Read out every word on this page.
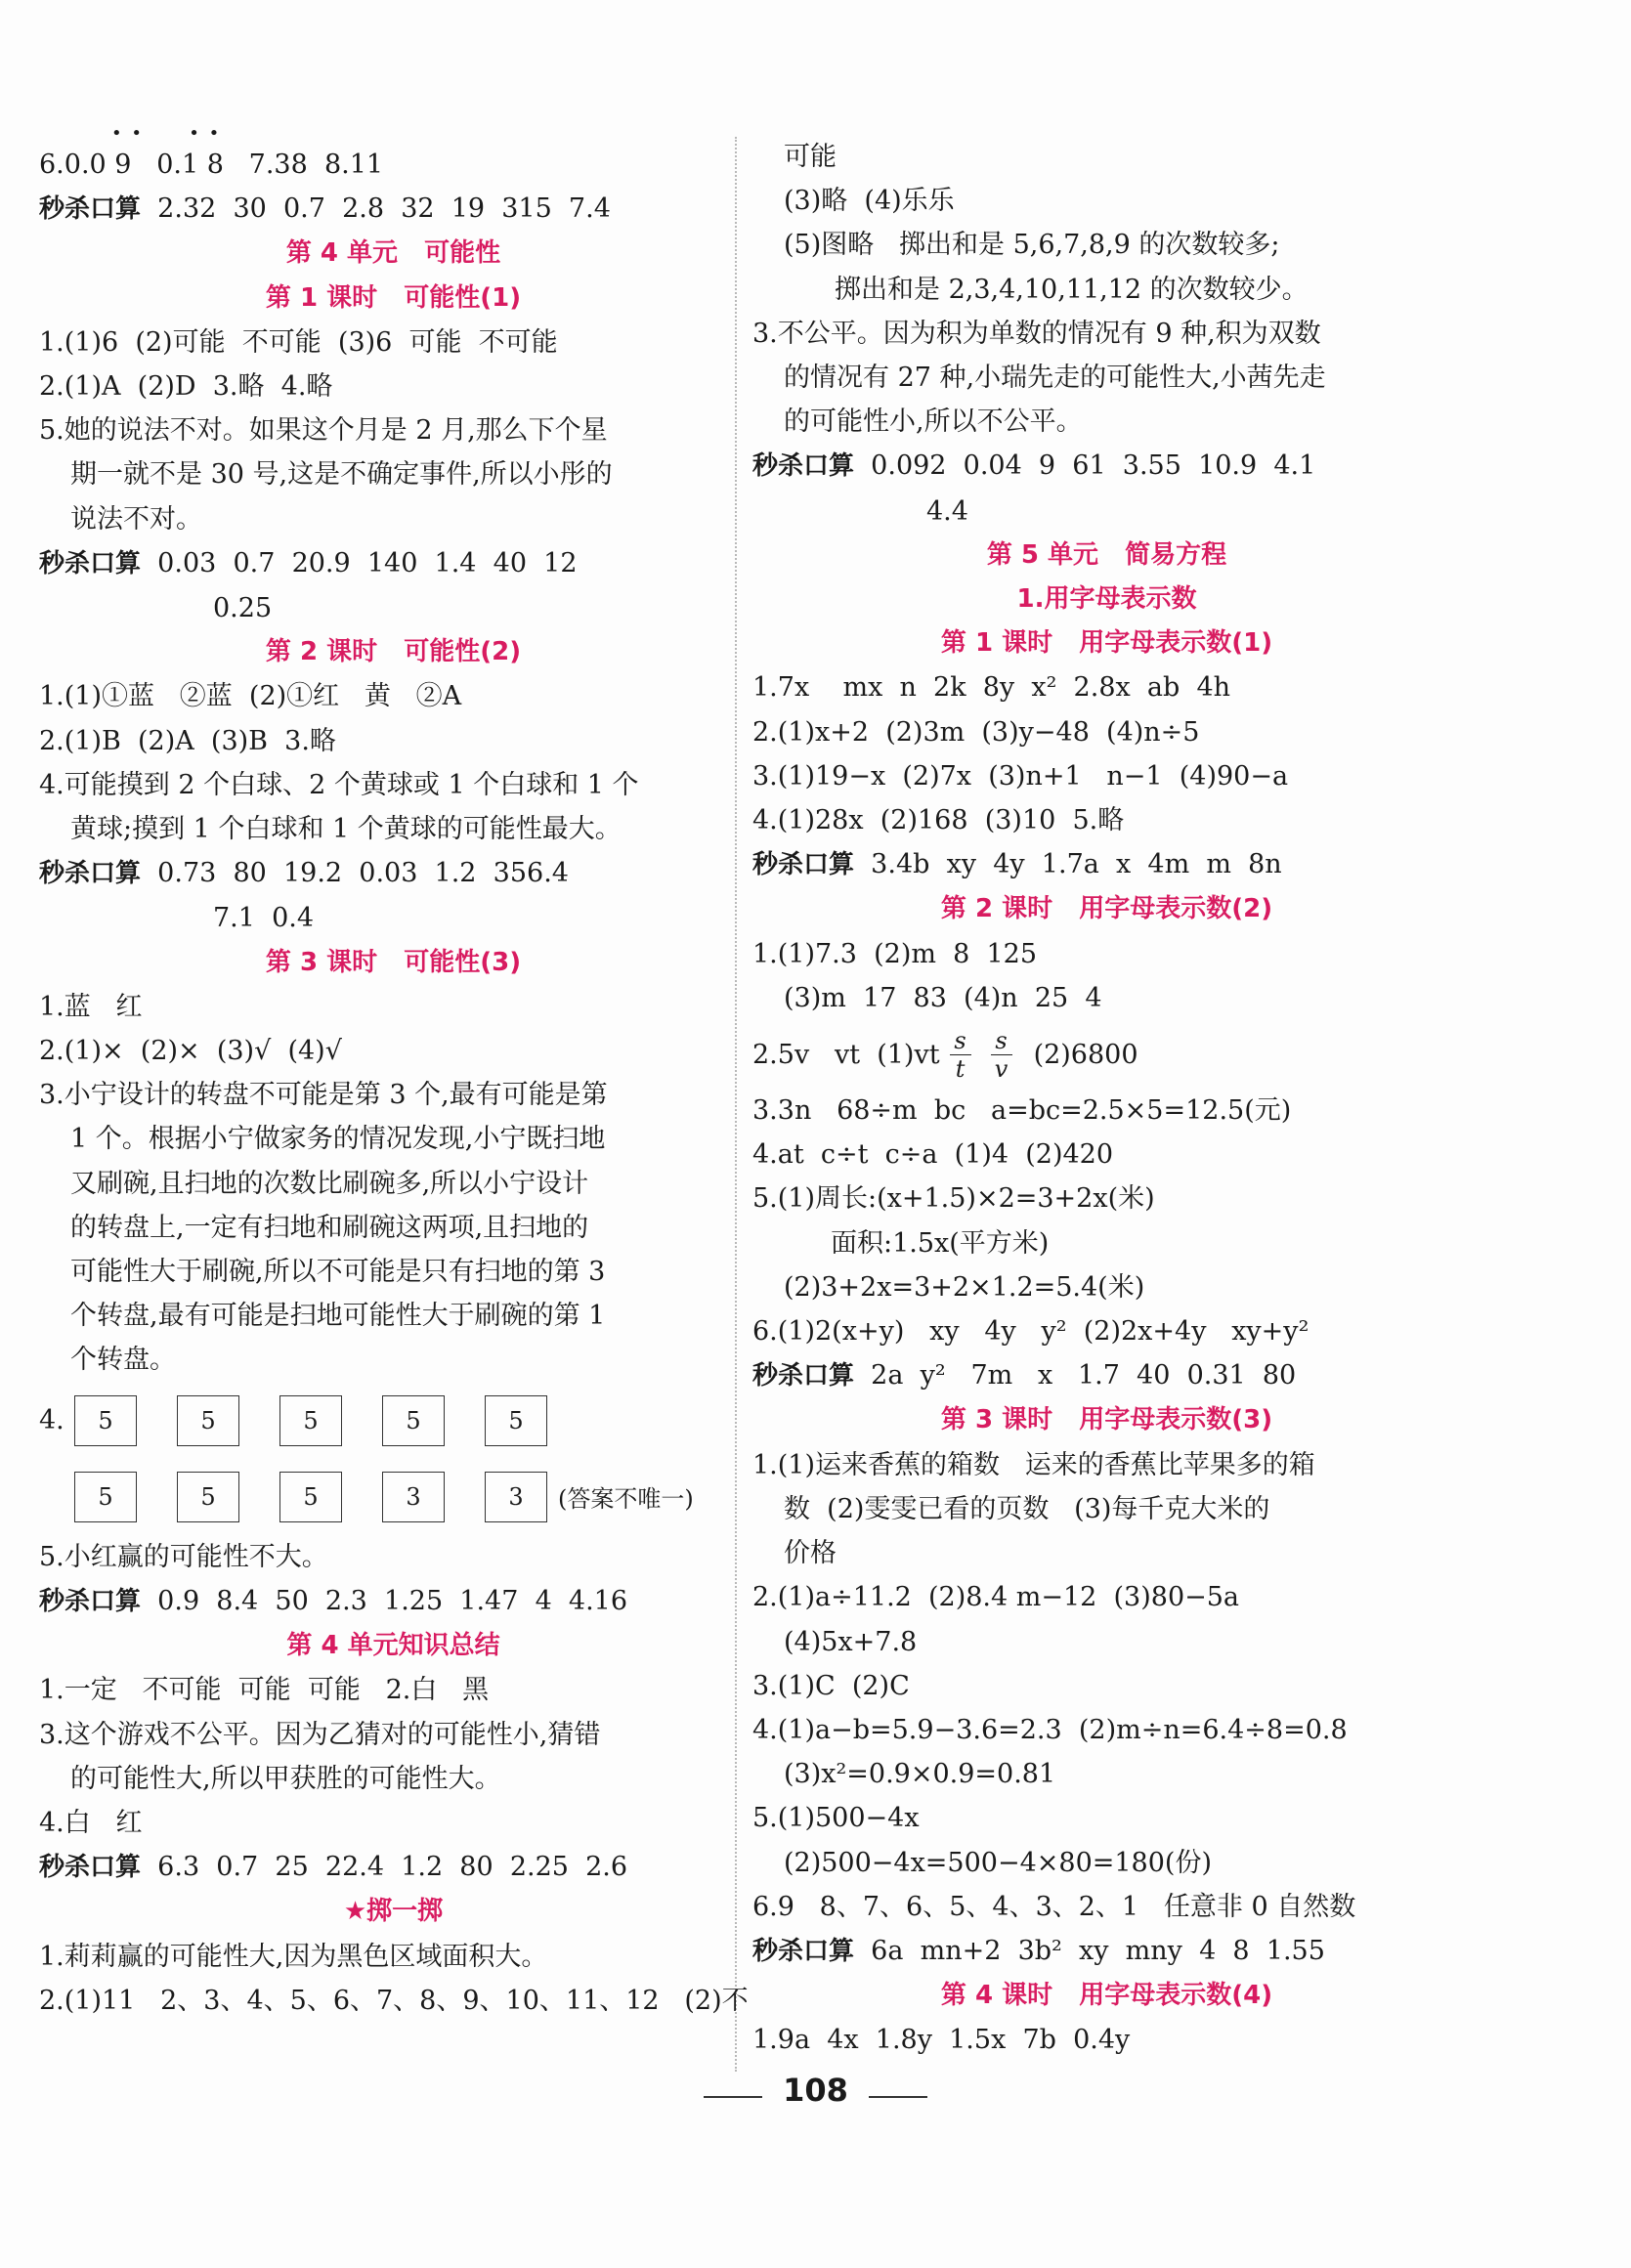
• •      • •
6.0.0 9   0.1 8   7.38  8.11
秒杀口算  2.32  30  0.7  2.8  32  19  315  7.4
第 4 单元   可能性
第 1 课时   可能性(1)
1.(1)6  (2)可能  不可能  (3)6  可能  不可能
2.(1)A  (2)D  3.略  4.略
5.她的说法不对。如果这个月是 2 月,那么下个星
期一就不是 30 号,这是不确定事件,所以小彤的
说法不对。
秒杀口算  0.03  0.7  20.9  140  1.4  40  12
0.25
第 2 课时   可能性(2)
1.(1)①蓝   ②蓝  (2)①红   黄   ②A
2.(1)B  (2)A  (3)B  3.略
4.可能摸到 2 个白球、2 个黄球或 1 个白球和 1 个
黄球;摸到 1 个白球和 1 个黄球的可能性最大。
秒杀口算  0.73  80  19.2  0.03  1.2  356.4
7.1  0.4
第 3 课时   可能性(3)
1.蓝   红
2.(1)×  (2)×  (3)√  (4)√
3.小宁设计的转盘不可能是第 3 个,最有可能是第
1 个。根据小宁做家务的情况发现,小宁既扫地
又刷碗,且扫地的次数比刷碗多,所以小宁设计
的转盘上,一定有扫地和刷碗这两项,且扫地的
可能性大于刷碗,所以不可能是只有扫地的第 3
个转盘,最有可能是扫地可能性大于刷碗的第 1
个转盘。
4.	5	5	5	5	5
5	5	5	3	3	(答案不唯一)
5.小红赢的可能性不大。
秒杀口算  0.9  8.4  50  2.3  1.25  1.47  4  4.16
第 4 单元知识总结
1.一定   不可能  可能  可能   2.白   黑
3.这个游戏不公平。因为乙猜对的可能性小,猜错
的可能性大,所以甲获胜的可能性大。
4.白   红
秒杀口算  6.3  0.7  25  22.4  1.2  80  2.25  2.6
★掷一掷
1.莉莉赢的可能性大,因为黑色区域面积大。
2.(1)11   2、3、4、5、6、7、8、9、10、11、12   (2)不
可能
(3)略  (4)乐乐
(5)图略   掷出和是 5,6,7,8,9 的次数较多;
掷出和是 2,3,4,10,11,12 的次数较少。
3.不公平。因为积为单数的情况有 9 种,积为双数
的情况有 27 种,小瑞先走的可能性大,小茜先走
的可能性小,所以不公平。
秒杀口算  0.092  0.04  9  61  3.55  10.9  4.1
4.4
第 5 单元   简易方程
1.用字母表示数
第 1 课时   用字母表示数(1)
1.7x    mx  n  2k  8y  x²  2.8x  ab  4h
2.(1)x+2  (2)3m  (3)y−48  (4)n÷5
3.(1)19−x  (2)7x  (3)n+1   n−1  (4)90−a
4.(1)28x  (2)168  (3)10  5.略
秒杀口算  3.4b  xy  4y  1.7a  x  4m  m  8n
第 2 课时   用字母表示数(2)
1.(1)7.3  (2)m  8  125
(3)m  17  83  (4)n  25  4
2.5v   vt  $(1)vt \frac{s}{t} \frac{s}{v} (2)6800$
3.3n   68÷m  bc   a=bc=2.5×5=12.5(元)
4.at  c÷t  c÷a  (1)4  (2)420
5.(1)周长:(x+1.5)×2=3+2x(米)
面积:1.5x(平方米)
(2)3+2x=3+2×1.2=5.4(米)
6.(1)2(x+y)   xy   4y   y²  (2)2x+4y   xy+y²
秒杀口算  2a  y²   7m   x   1.7  40  0.31  80
第 3 课时   用字母表示数(3)
1.(1)运来香蕉的箱数   运来的香蕉比苹果多的箱
数  (2)雯雯已看的页数   (3)每千克大米的
价格
2.(1)a÷11.2  (2)8.4 m−12  (3)80−5a
(4)5x+7.8
3.(1)C  (2)C
4.(1)a−b=5.9−3.6=2.3  (2)m÷n=6.4÷8=0.8
(3)x²=0.9×0.9=0.81
5.(1)500−4x
(2)500−4x=500−4×80=180(份)
6.9   8、7、6、5、4、3、2、1   任意非 0 自然数
秒杀口算  6a  mn+2  3b²  xy  mny  4  8  1.55
第 4 课时   用字母表示数(4)
1.9a  4x  1.8y  1.5x  7b  0.4y
108
